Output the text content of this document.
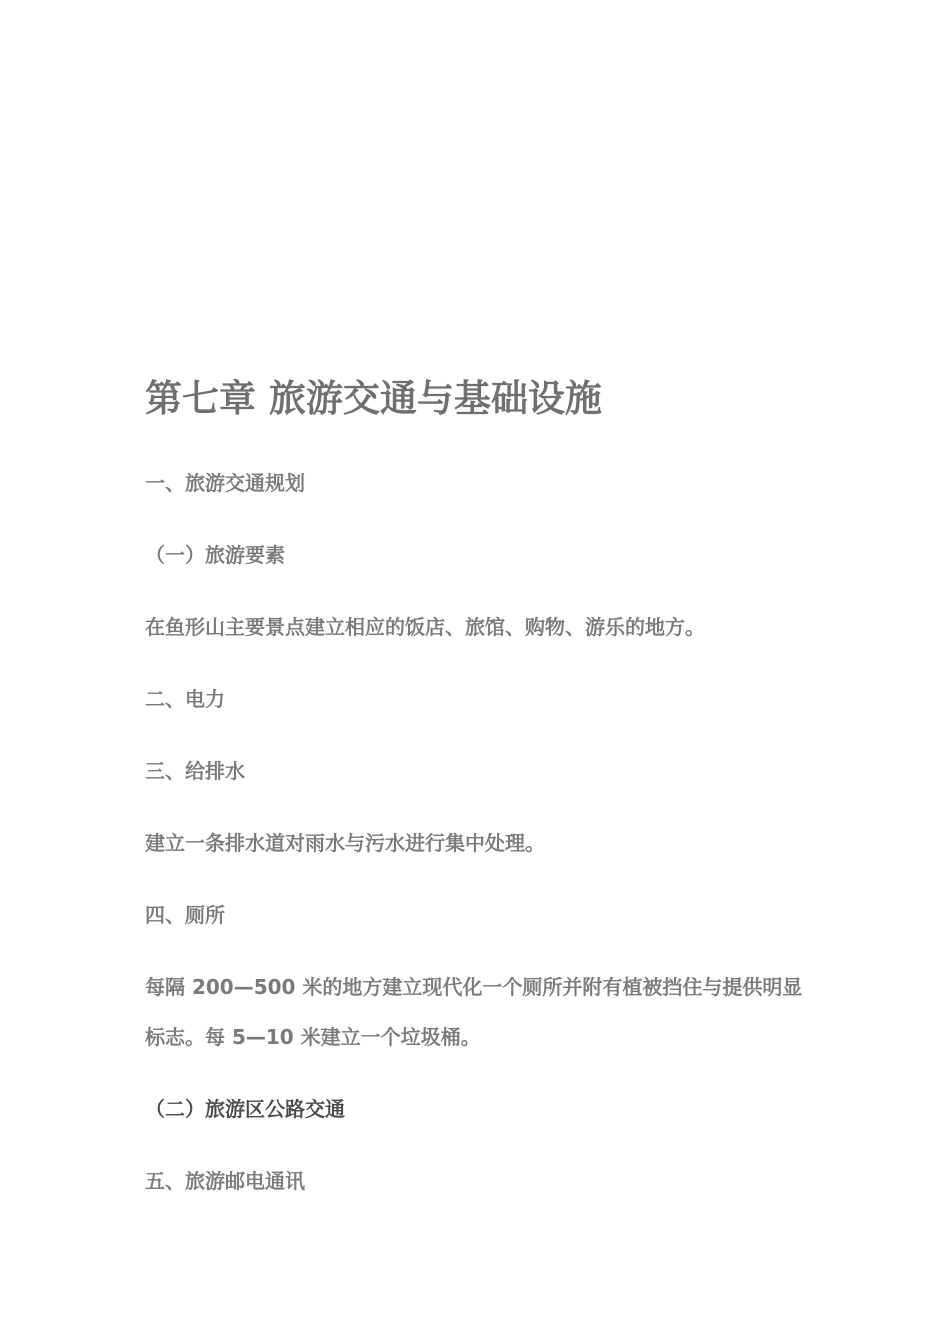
第七章 旅游交通与基础设施
一、旅游交通规划
（一）旅游要素
在鱼形山主要景点建立相应的饭店、旅馆、购物、游乐的地方。
二、电力
三、给排水
建立一条排水道对雨水与污水进行集中处理。
四、厕所
每隔 200—500 米的地方建立现代化一个厕所并附有植被挡住与提供明显标志。每 5—10 米建立一个垃圾桶。
（二）旅游区公路交通
五、旅游邮电通讯
